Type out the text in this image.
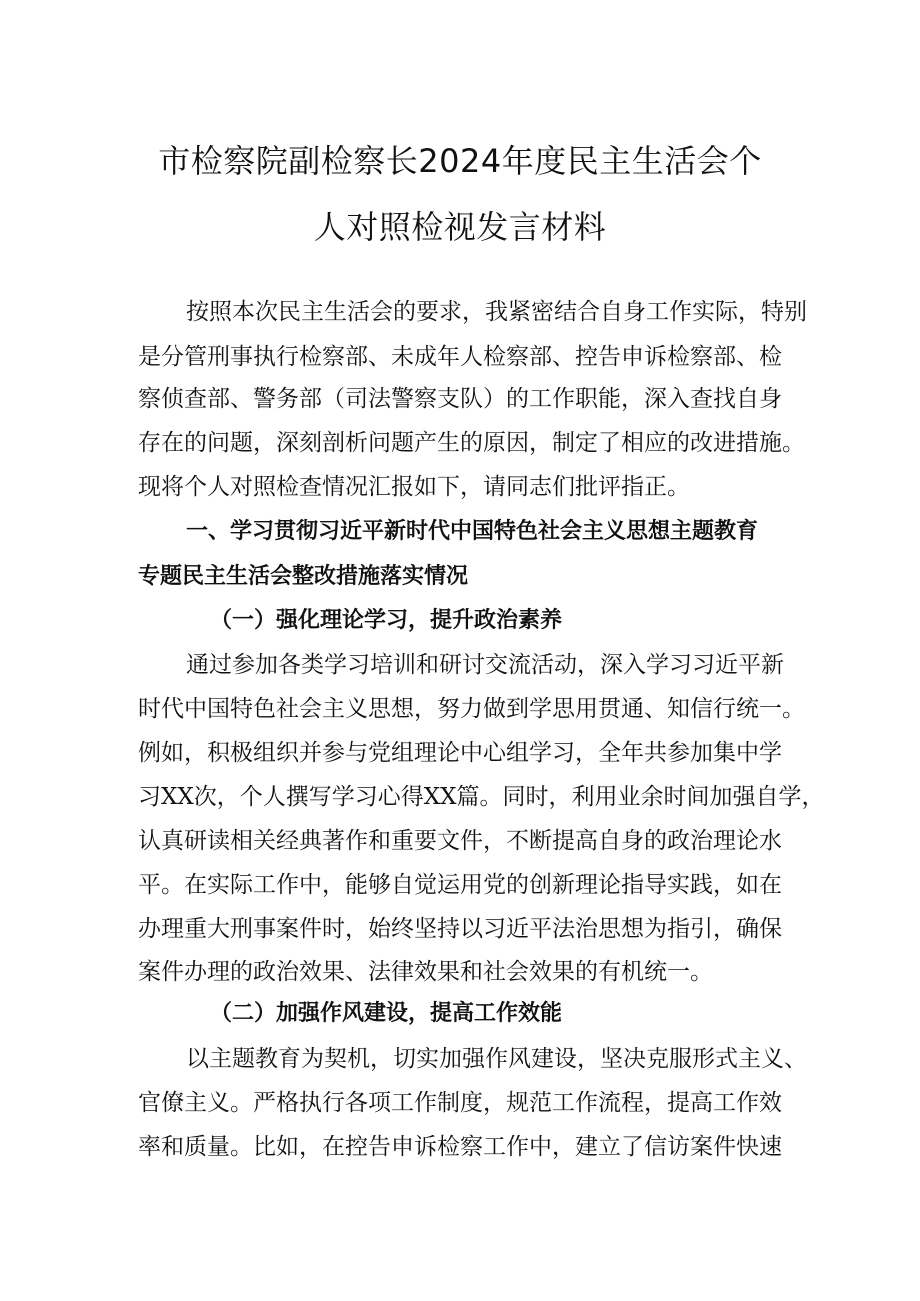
市检察院副检察长2024年度民主生活会个
人对照检视发言材料

按照本次民主生活会的要求，我紧密结合自身工作实际，特别

是分管刑事执行检察部、未成年人检察部、控告申诉检察部、检

察侦查部、警务部（司法警察支队）的工作职能，深入查找自身

存在的问题，深刻剖析问题产生的原因，制定了相应的改进措施。

现将个人对照检查情况汇报如下，请同志们批评指正。

一、学习贯彻习近平新时代中国特色社会主义思想主题教育

专题民主生活会整改措施落实情况

（一）强化理论学习，提升政治素养

通过参加各类学习培训和研讨交流活动，深入学习习近平新

时代中国特色社会主义思想，努力做到学思用贯通、知信行统一。

例如，积极组织并参与党组理论中心组学习，全年共参加集中学

习XX次，个人撰写学习心得XX篇。同时，利用业余时间加强自学，

认真研读相关经典著作和重要文件，不断提高自身的政治理论水

平。在实际工作中，能够自觉运用党的创新理论指导实践，如在

办理重大刑事案件时，始终坚持以习近平法治思想为指引，确保

案件办理的政治效果、法律效果和社会效果的有机统一。

（二）加强作风建设，提高工作效能

以主题教育为契机，切实加强作风建设，坚决克服形式主义、

官僚主义。严格执行各项工作制度，规范工作流程，提高工作效

率和质量。比如，在控告申诉检察工作中，建立了信访案件快速
